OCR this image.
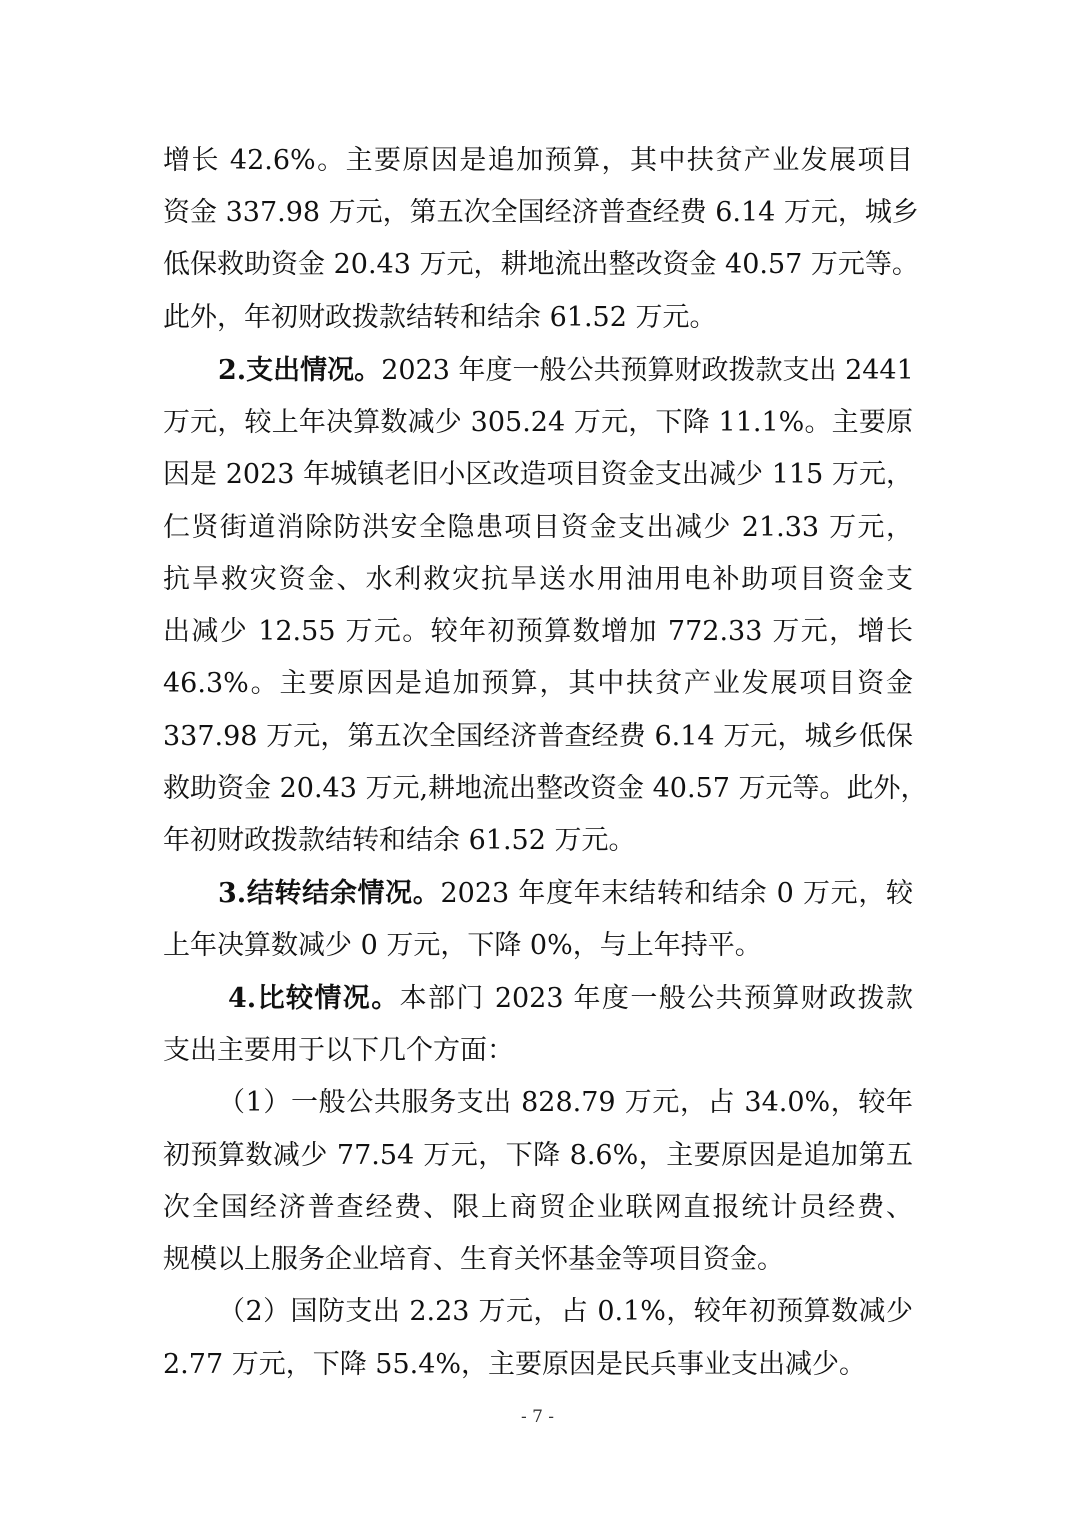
增长 42.6%。主要原因是追加预算，其中扶贫产业发展项目
资金 337.98 万元，第五次全国经济普查经费 6.14 万元，城乡
低保救助资金 20.43 万元，耕地流出整改资金 40.57 万元等。
此外，年初财政拨款结转和结余 61.52 万元。
2.支出情况。2023 年度一般公共预算财政拨款支出 2441
万元，较上年决算数减少 305.24 万元，下降 11.1%。主要原
因是 2023 年城镇老旧小区改造项目资金支出减少 115 万元，
仁贤街道消除防洪安全隐患项目资金支出减少 21.33 万元，
抗旱救灾资金、水利救灾抗旱送水用油用电补助项目资金支
出减少 12.55 万元。较年初预算数增加 772.33 万元，增长
46.3%。主要原因是追加预算，其中扶贫产业发展项目资金
337.98 万元，第五次全国经济普查经费 6.14 万元，城乡低保
救助资金 20.43 万元,耕地流出整改资金 40.57 万元等。此外，
年初财政拨款结转和结余 61.52 万元。
3.结转结余情况。2023 年度年末结转和结余 0 万元，较
上年决算数减少 0 万元，下降 0%，与上年持平。
4.比较情况。本部门 2023 年度一般公共预算财政拨款
支出主要用于以下几个方面：
（1）一般公共服务支出 828.79 万元，占 34.0%，较年
初预算数减少 77.54 万元，下降 8.6%，主要原因是追加第五
次全国经济普查经费、限上商贸企业联网直报统计员经费、
规模以上服务企业培育、生育关怀基金等项目资金。
（2）国防支出 2.23 万元，占 0.1%，较年初预算数减少
2.77 万元，下降 55.4%，主要原因是民兵事业支出减少。
- 7 -
